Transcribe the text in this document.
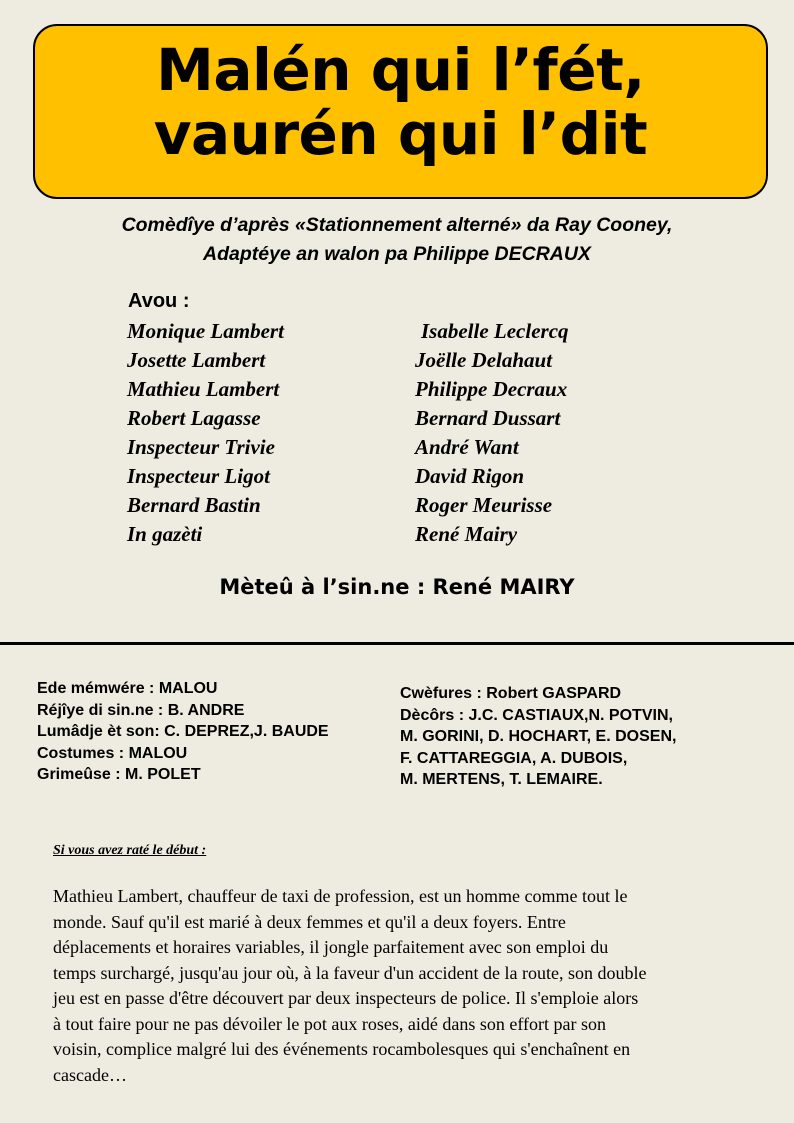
Malén qui l’fét,
vaurén qui l’dit
Comèdîye d’après «Stationnement alterné» da Ray Cooney,
Adaptéye an walon pa Philippe DECRAUX
Avou :
Monique Lambert
Josette Lambert
Mathieu Lambert
Robert Lagasse
Inspecteur Trivie
Inspecteur Ligot
Bernard Bastin
In gazèti
Isabelle Leclercq
Joëlle Delahaut
Philippe Decraux
Bernard Dussart
André Want
David Rigon
Roger Meurisse
René Mairy
Mèteû à l’sin.ne : René MAIRY
Ede mémwére : MALOU
Réjîye di sin.ne : B. ANDRE
Lumâdje èt son: C. DEPREZ,J. BAUDE
Costumes : MALOU
Grimeûse : M. POLET
Cwèfures : Robert GASPARD
Dècôrs : J.C. CASTIAUX,N. POTVIN,
M. GORINI, D. HOCHART, E. DOSEN,
F. CATTAREGGIA, A. DUBOIS,
M. MERTENS, T. LEMAIRE.
Si vous avez raté le début :
Mathieu Lambert, chauffeur de taxi de profession, est un homme comme tout le
monde. Sauf qu'il est marié à deux femmes et qu'il a deux foyers. Entre
déplacements et horaires variables, il jongle parfaitement avec son emploi du
temps surchargé, jusqu'au jour où, à la faveur d'un accident de la route, son double
jeu est en passe d'être découvert par deux inspecteurs de police. Il s'emploie alors
à tout faire pour ne pas dévoiler le pot aux roses, aidé dans son effort par son
voisin, complice malgré lui des événements rocambolesques qui s'enchaînent en
cascade…
